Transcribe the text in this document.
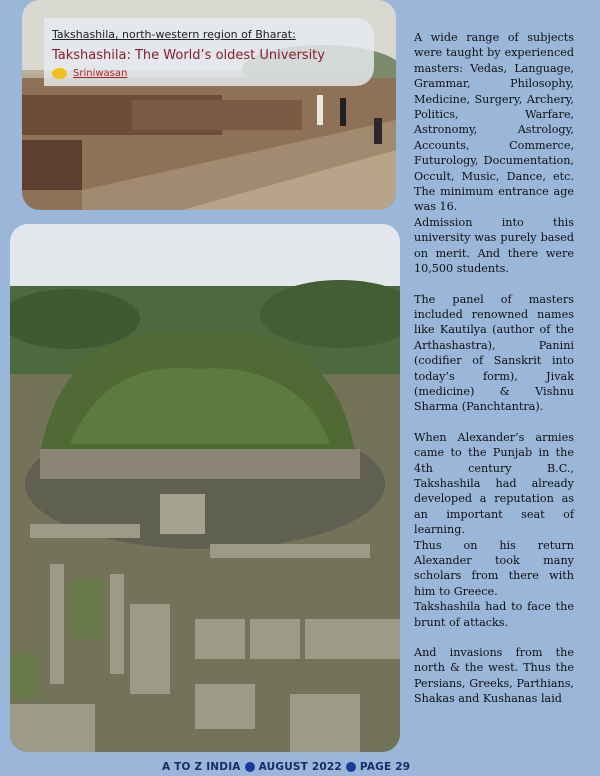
Takshashila, north-western region of Bharat:
Takshashila: The World’s oldest University
Sriniwasan

A wide range of subjects were taught by experienced masters: Vedas, Language, Grammar, Philosophy, Medicine, Surgery, Archery, Politics, Warfare, Astronomy, Astrology, Accounts, Commerce, Futurology, Documentation, Occult, Music, Dance, etc. The minimum entrance age was 16.

Admission into this university was purely based on merit. And there were 10,500 students.

The panel of masters included renowned names like Kautilya (author of the Arthashastra), Panini (codifier of Sanskrit into today’s form), Jivak (medicine) & Vishnu Sharma (Panchtantra).

When Alexander’s armies came to the Punjab in the 4th century B.C., Takshashila had already developed a reputation as an important seat of learning.

Thus on his return Alexander took many scholars from there with him to Greece.

Takshashila had to face the brunt of attacks.

And invasions from the north & the west. Thus the Persians, Greeks, Parthians, Shakas and Kushanas laid

A TO Z INDIA AUGUST 2022 PAGE 29
